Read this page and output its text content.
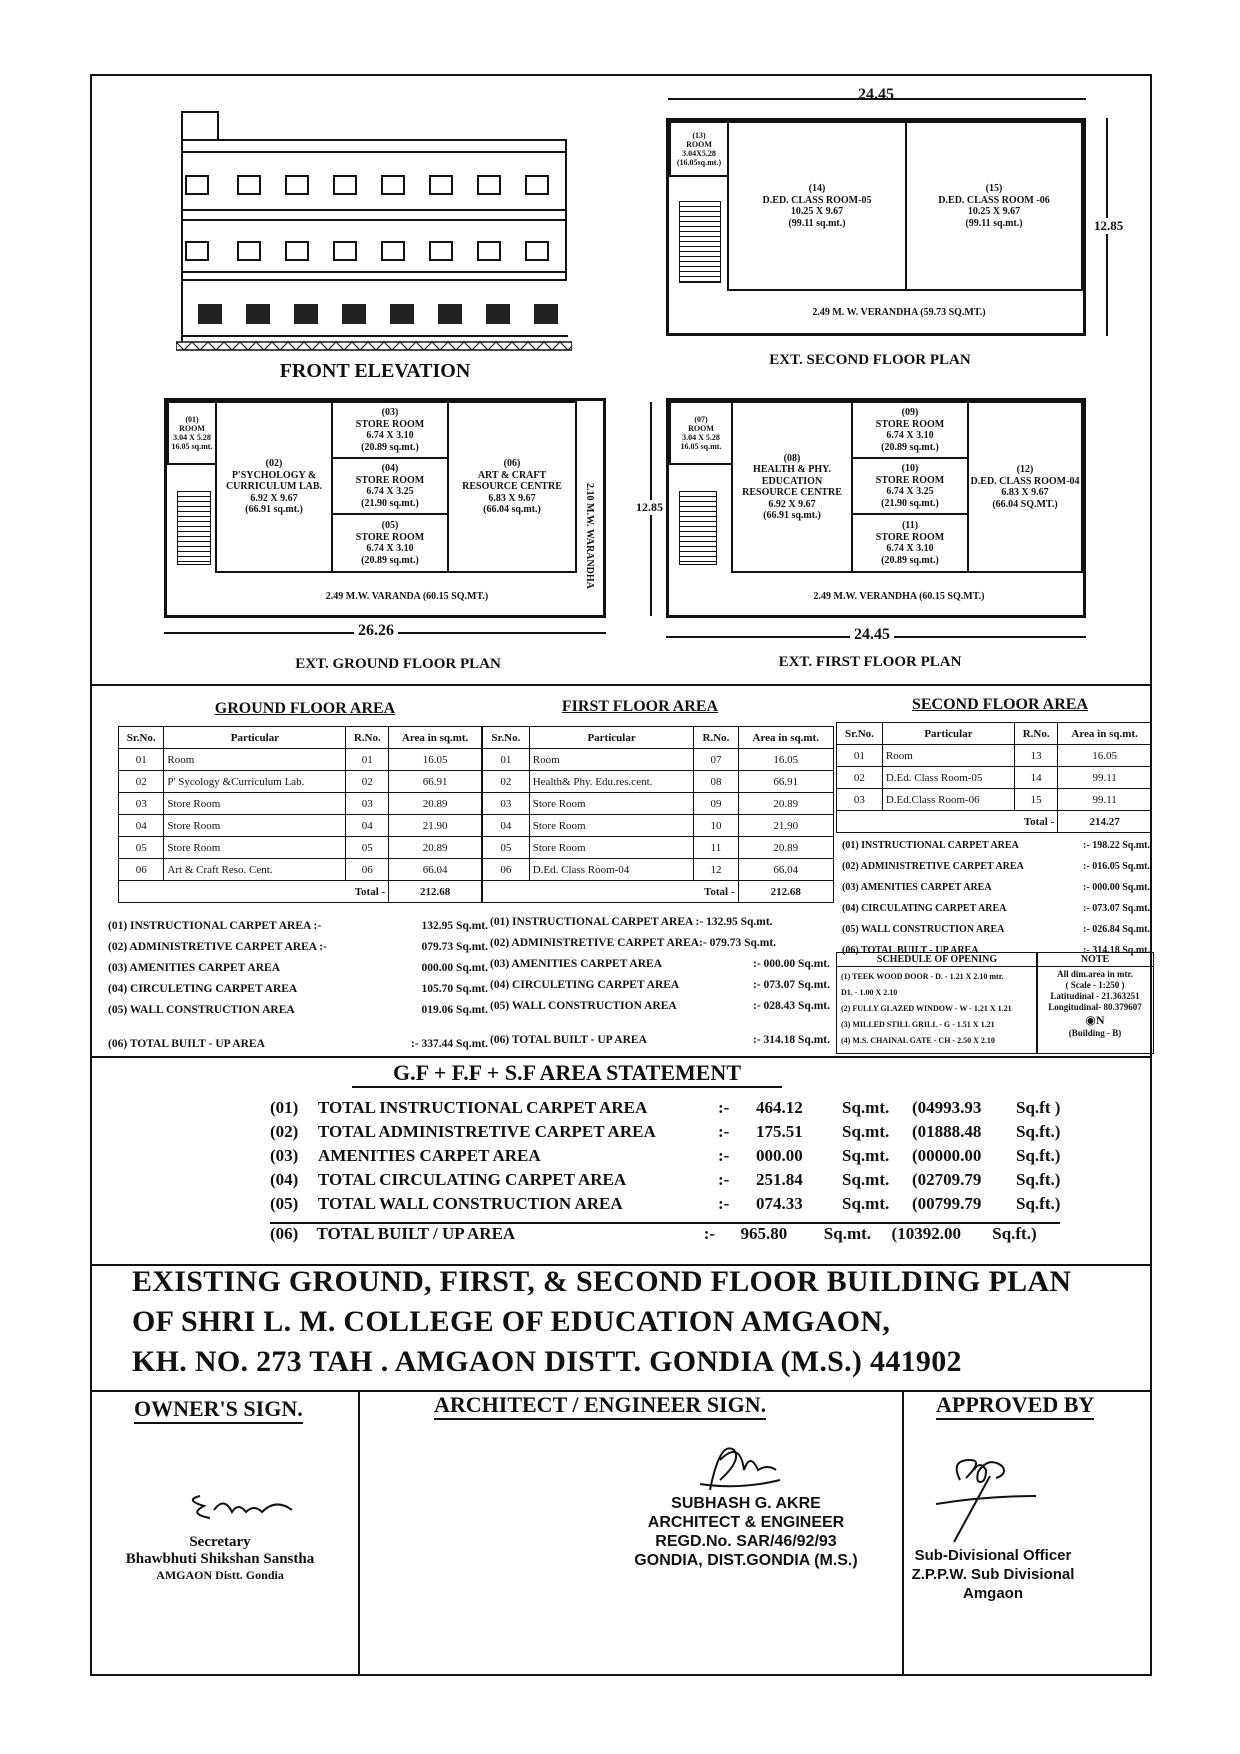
FRONT ELEVATION
24.45
(13)
ROOM
3.04X5.28
(16.05sq.mt.)
(14)
D.ED. CLASS ROOM-05
10.25 X 9.67
(99.11 sq.mt.)
(15)
D.ED. CLASS ROOM -06
10.25 X 9.67
(99.11 sq.mt.)
2.49 M. W. VERANDHA (59.73 SQ.MT.)
12.85
EXT. SECOND FLOOR PLAN
(01)
ROOM
3.04 X 5.28
16.05 sq.mt.
(02)
P'SYCHOLOGY & CURRICULUM LAB.
6.92 X 9.67
(66.91 sq.mt.)
(03)
STORE ROOM
6.74 X 3.10
(20.89 sq.mt.)
(04)
STORE ROOM
6.74 X 3.25
(21.90 sq.mt.)
(05)
STORE ROOM
6.74 X 3.10
(20.89 sq.mt.)
(06)
ART & CRAFT RESOURCE CENTRE
6.83 X 9.67
(66.04 sq.mt.)
2.49 M.W. VARANDA (60.15 SQ.MT.)
2.10 M.W. WARANDHA
26.26
EXT. GROUND FLOOR PLAN
12.85
(07)
ROOM
3.04 X 5.28
16.05 sq.mt.
(08)
HEALTH & PHY. EDUCATION RESOURCE CENTRE
6.92 X 9.67
(66.91 sq.mt.)
(09)
STORE ROOM
6.74 X 3.10
(20.89 sq.mt.)
(10)
STORE ROOM
6.74 X 3.25
(21.90 sq.mt.)
(11)
STORE ROOM
6.74 X 3.10
(20.89 sq.mt.)
(12)
D.ED. CLASS ROOM-04
6.83 X 9.67
(66.04 SQ.MT.)
2.49 M.W. VERANDHA (60.15 SQ.MT.)
24.45
EXT. FIRST FLOOR PLAN
GROUND FLOOR AREA
Sr.No.	Particular	R.No.	Area in sq.mt.
01	Room	01	16.05
02	P' Sycology &Curriculum Lab.	02	66.91
03	Store Room	03	20.89
04	Store Room	04	21.90
05	Store Room	05	20.89
06	Art & Craft Reso. Cent.	06	66.04
Total -			212.68
(01) INSTRUCTIONAL CARPET AREA :-	132.95 Sq.mt.
(02) ADMINISTRETIVE CARPET AREA :-	079.73 Sq.mt.
(03) AMENITIES CARPET AREA	000.00 Sq.mt.
(04) CIRCULETING CARPET AREA	105.70 Sq.mt.
(05) WALL CONSTRUCTION AREA	019.06 Sq.mt.
(06) TOTAL BUILT - UP AREA	:- 337.44 Sq.mt.
FIRST FLOOR AREA
Sr.No.	Particular	R.No.	Area in sq.mt.
01	Room	07	16.05
02	Health& Phy. Edu.res.cent.	08	66.91
03	Store Room	09	20.89
04	Store Room	10	21.90
05	Store Room	11	20.89
06	D.Ed. Class Room-04	12	66.04
Total -			212.68
(01) INSTRUCTIONAL CARPET AREA :- 132.95 Sq.mt.
(02) ADMINISTRETIVE CARPET AREA:- 079.73 Sq.mt.
(03) AMENITIES CARPET AREA	:- 000.00 Sq.mt.
(04) CIRCULETING CARPET AREA	:- 073.07 Sq.mt.
(05) WALL CONSTRUCTION AREA	:- 028.43 Sq.mt.
(06) TOTAL BUILT - UP AREA	:- 314.18 Sq.mt.
SECOND FLOOR AREA
Sr.No.	Particular	R.No.	Area in sq.mt.
01	Room	13	16.05
02	D.Ed. Class Room-05	14	99.11
03	D.Ed.Class Room-06	15	99.11
Total -			214.27
(01) INSTRUCTIONAL CARPET AREA	:- 198.22 Sq.mt.
(02) ADMINISTRETIVE CARPET AREA	:- 016.05 Sq.mt.
(03) AMENITIES CARPET AREA	:- 000.00 Sq.mt.
(04) CIRCULATING CARPET AREA	:- 073.07 Sq.mt.
(05) WALL CONSTRUCTION AREA	:- 026.84 Sq.mt.
(06) TOTAL BUILT - UP AREA	:- 314.18 Sq.mt.
SCHEDULE OF OPENING
(1) TEEK WOOD DOOR - D. - 1.21 X 2.10 mtr.
D1. - 1.00 X 2.10
(2) FULLY GLAZED WINDOW - W - 1.21 X 1.21
(3) MILLED STILL GRILL - G - 1.51 X 1.21
(4) M.S. CHAINAL GATE - CH - 2.50 X 2.10
NOTE
All dim.area in mtr.
( Scale - 1:250 )
Latitudinal - 21.363251
Longitudinal- 80.379607
◉N
(Building - B)
G.F + F.F + S.F AREA STATEMENT
(01)	TOTAL INSTRUCTIONAL CARPET AREA	:-	464.12	Sq.mt.	(04993.93	Sq.ft )
(02)	TOTAL ADMINISTRETIVE CARPET AREA	:-	175.51	Sq.mt.	(01888.48	Sq.ft.)
(03)	AMENITIES CARPET AREA	:-	000.00	Sq.mt.	(00000.00	Sq.ft.)
(04)	TOTAL CIRCULATING CARPET AREA	:-	251.84	Sq.mt.	(02709.79	Sq.ft.)
(05)	TOTAL WALL CONSTRUCTION AREA	:-	074.33	Sq.mt.	(00799.79	Sq.ft.)
(06)	TOTAL BUILT / UP AREA	:-	965.80	Sq.mt.	(10392.00	Sq.ft.)
EXISTING GROUND, FIRST, & SECOND FLOOR BUILDING PLAN
OF SHRI L. M. COLLEGE OF EDUCATION AMGAON,
KH. NO. 273 TAH . AMGAON DISTT. GONDIA (M.S.) 441902
OWNER'S SIGN.	ARCHITECT / ENGINEER SIGN.	APPROVED BY
Secretary
Bhawbhuti Shikshan Sanstha
AMGAON Distt. Gondia
SUBHASH G. AKRE
ARCHITECT & ENGINEER
REGD.No. SAR/46/92/93
GONDIA, DIST.GONDIA (M.S.)	Sub-Divisional Officer
Z.P.P.W. Sub Divisional
Amgaon
